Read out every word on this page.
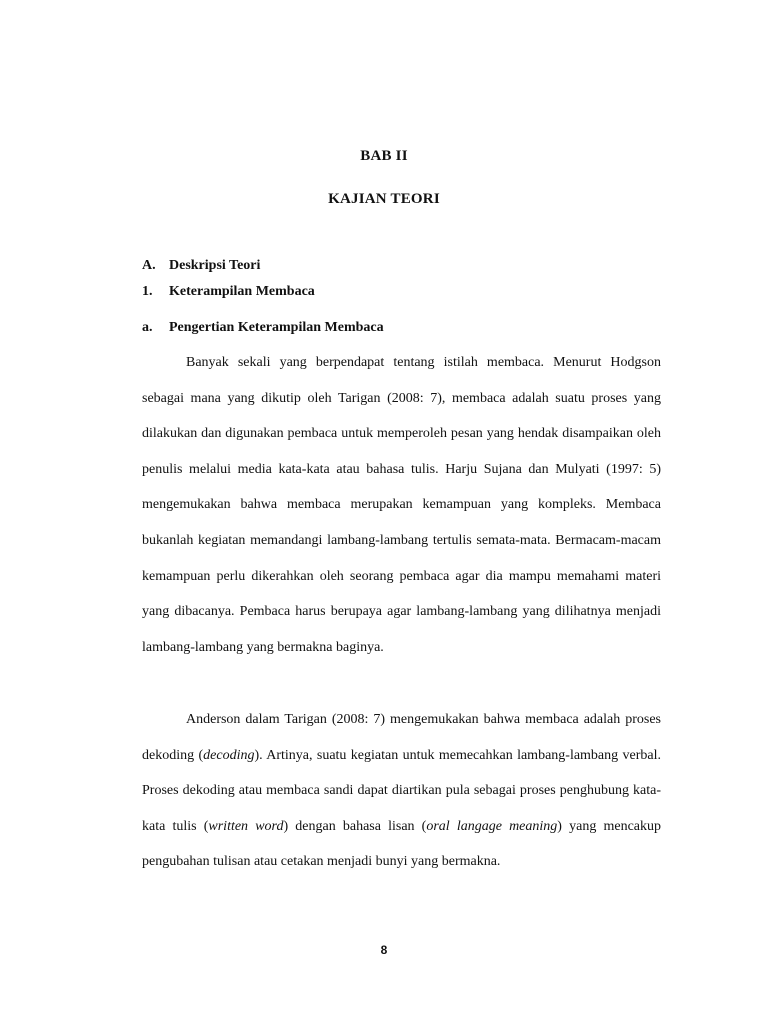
BAB II
KAJIAN TEORI
A. Deskripsi Teori
1. Keterampilan Membaca
a. Pengertian Keterampilan Membaca

Banyak sekali yang berpendapat tentang istilah membaca. Menurut Hodgson sebagai mana yang dikutip oleh Tarigan (2008: 7), membaca adalah suatu proses yang dilakukan dan digunakan pembaca untuk memperoleh pesan yang hendak disampaikan oleh penulis melalui media kata-kata atau bahasa tulis. Harju Sujana dan Mulyati (1997: 5) mengemukakan bahwa membaca merupakan kemampuan yang kompleks. Membaca bukanlah kegiatan memandangi lambang-lambang tertulis semata-mata. Bermacam-macam kemampuan perlu dikerahkan oleh seorang pembaca agar dia mampu memahami materi yang dibacanya. Pembaca harus berupaya agar lambang-lambang yang dilihatnya menjadi lambang-lambang yang bermakna baginya.

Anderson dalam Tarigan (2008: 7) mengemukakan bahwa membaca adalah proses dekoding (decoding). Artinya, suatu kegiatan untuk memecahkan lambang-lambang verbal. Proses dekoding atau membaca sandi dapat diartikan pula sebagai proses penghubung kata-kata tulis (written word) dengan bahasa lisan (oral langage meaning) yang mencakup pengubahan tulisan atau cetakan menjadi bunyi yang bermakna.

8
